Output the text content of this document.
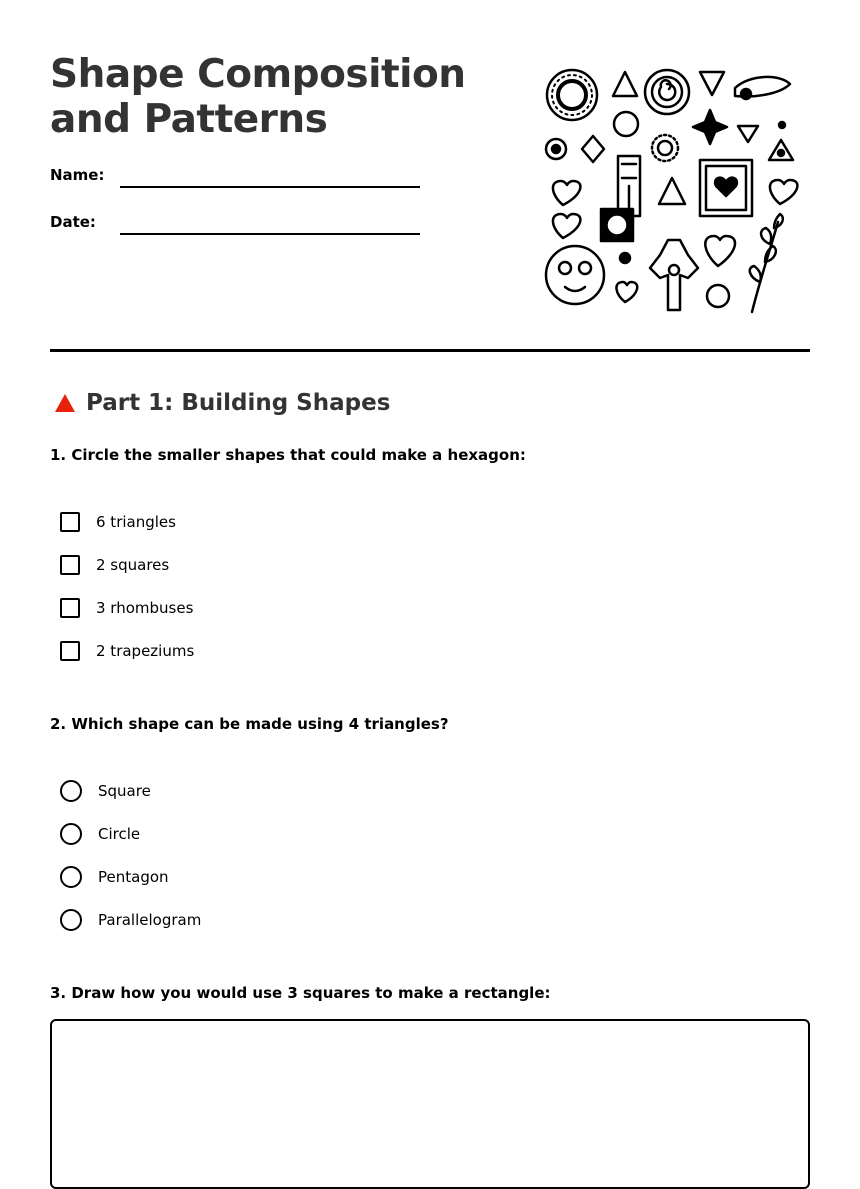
Shape Composition and Patterns
Name:
Date:
Part 1: Building Shapes
1. Circle the smaller shapes that could make a hexagon:
6 triangles
2 squares
3 rhombuses
2 trapeziums
2. Which shape can be made using 4 triangles?
Square
Circle
Pentagon
Parallelogram
3. Draw how you would use 3 squares to make a rectangle:
